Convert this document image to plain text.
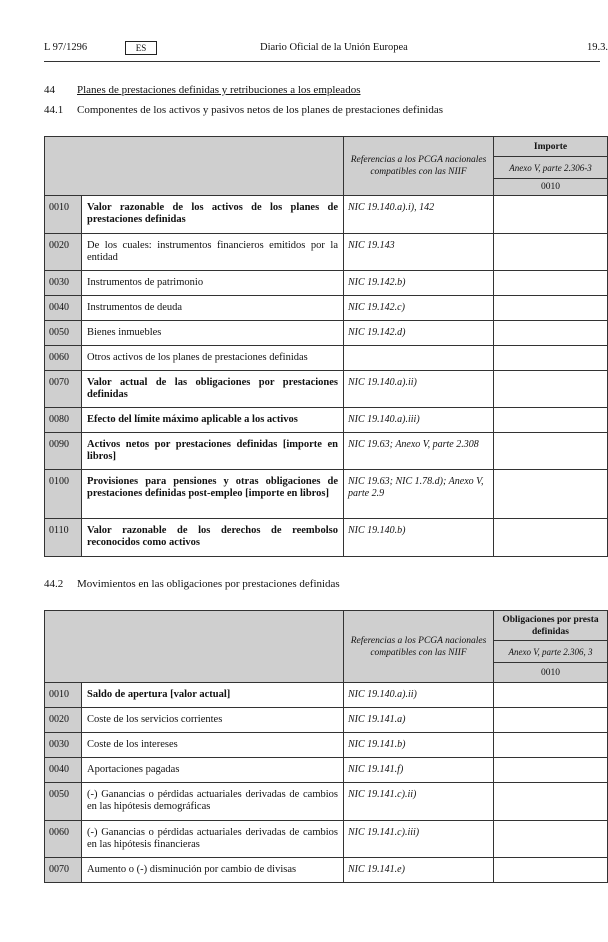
L 97/1296	ES	Diario Oficial de la Unión Europea	19.3.
44 Planes de prestaciones definidas y retribuciones a los empleados
44.1 Componentes de los activos y pasivos netos de los planes de prestaciones definidas
		Referencias a los PCGA nacionales compatibles con las NIIF	Importe
			Anexo V, parte 2.306-3
			0010
0010	Valor razonable de los activos de los planes de prestaciones definidas	NIC 19.140.a).i), 142	
0020	De los cuales: instrumentos financieros emitidos por la entidad	NIC 19.143	
0030	Instrumentos de patrimonio	NIC 19.142.b)	
0040	Instrumentos de deuda	NIC 19.142.c)	
0050	Bienes inmuebles	NIC 19.142.d)	
0060	Otros activos de los planes de prestaciones definidas		
0070	Valor actual de las obligaciones por prestaciones definidas	NIC 19.140.a).ii)	
0080	Efecto del límite máximo aplicable a los activos	NIC 19.140.a).iii)	
0090	Activos netos por prestaciones definidas [importe en libros]	NIC 19.63; Anexo V, parte 2.308	
0100	Provisiones para pensiones y otras obligaciones de prestaciones definidas post-empleo [importe en libros]	NIC 19.63; NIC 1.78.d); Anexo V, parte 2.9	
0110	Valor razonable de los derechos de reembolso reconocidos como activos	NIC 19.140.b)	
44.2 Movimientos en las obligaciones por prestaciones definidas
		Referencias a los PCGA nacionales compatibles con las NIIF	Obligaciones por presta
definidas

			Anexo V, parte 2.306, 3
			0010
0010	Saldo de apertura [valor actual]	NIC 19.140.a).ii)	
0020	Coste de los servicios corrientes	NIC 19.141.a)	
0030	Coste de los intereses	NIC 19.141.b)	
0040	Aportaciones pagadas	NIC 19.141.f)	
0050	(-) Ganancias o pérdidas actuariales derivadas de cambios en las hipótesis demográficas	NIC 19.141.c).ii)	
0060	(-) Ganancias o pérdidas actuariales derivadas de cambios en las hipótesis financieras	NIC 19.141.c).iii)	
0070	Aumento o (-) disminución por cambio de divisas	NIC 19.141.e)	
